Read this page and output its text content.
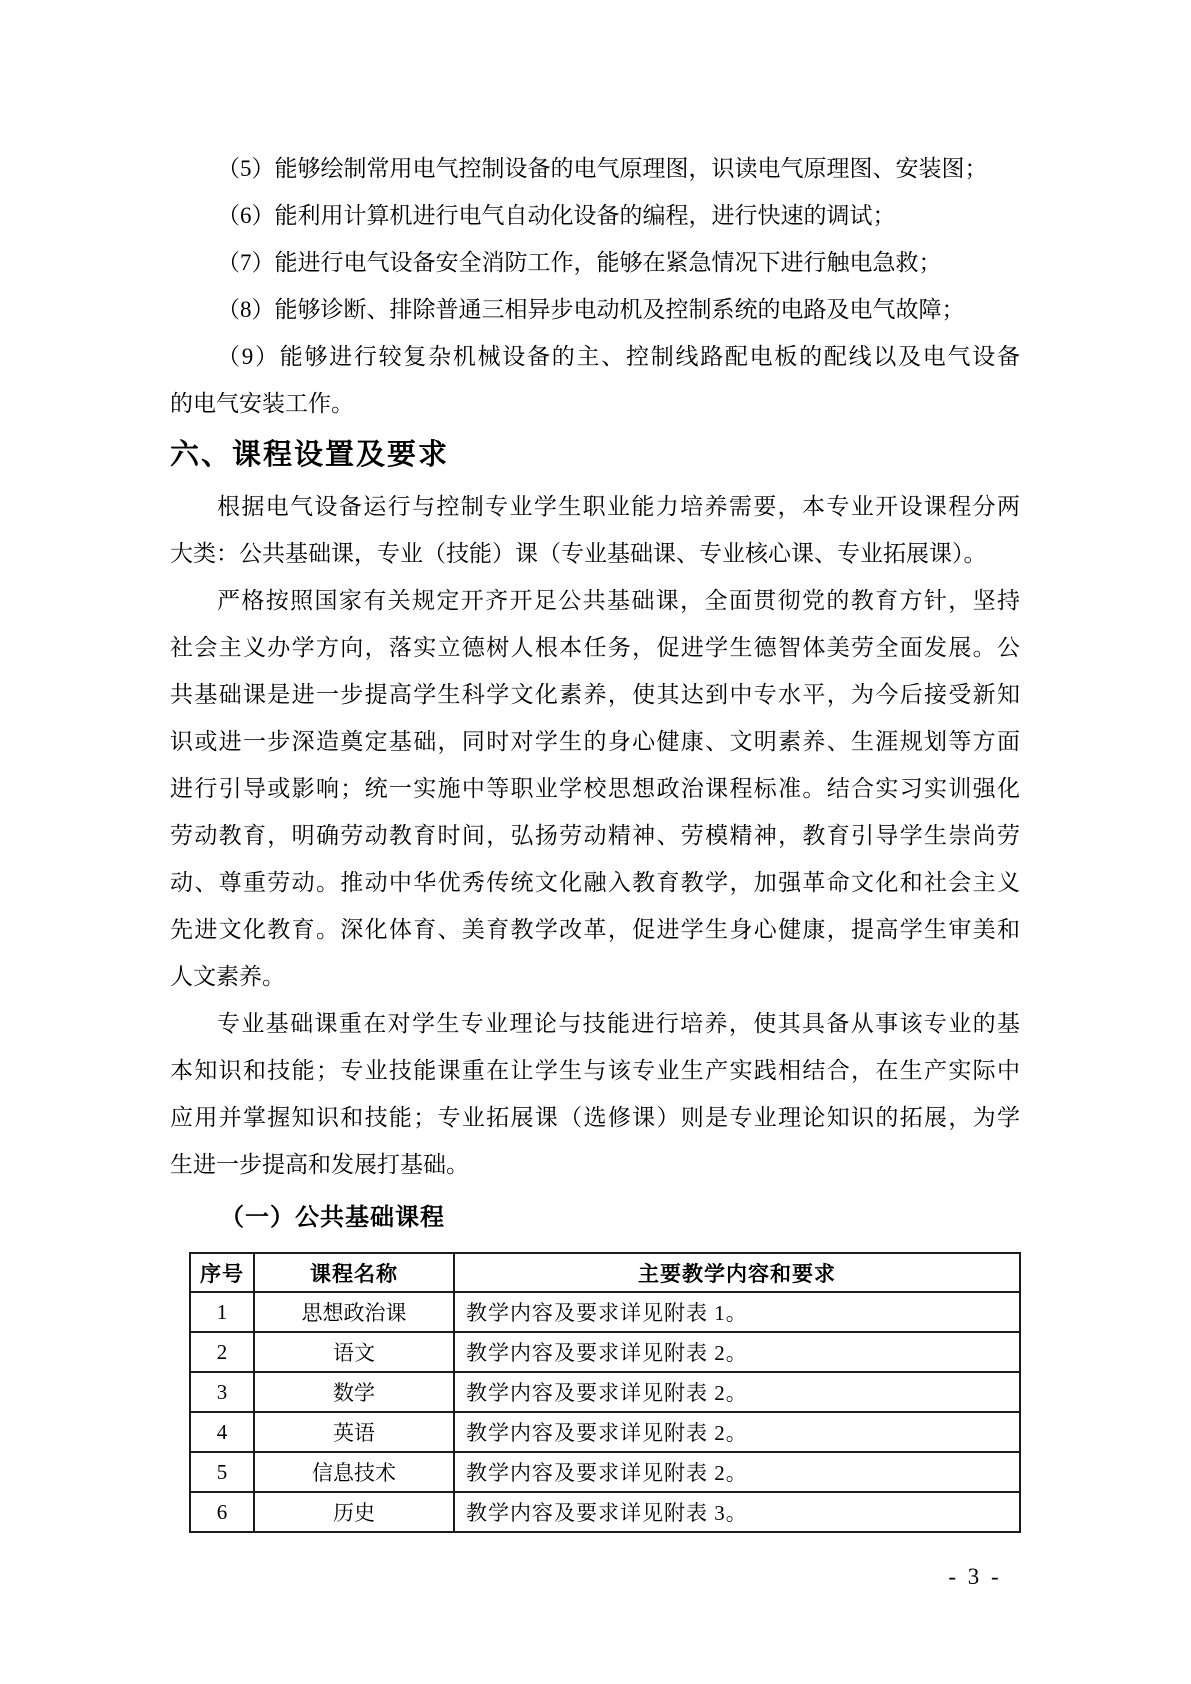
（5）能够绘制常用电气控制设备的电气原理图，识读电气原理图、安装图；
（6）能利用计算机进行电气自动化设备的编程，进行快速的调试；
（7）能进行电气设备安全消防工作，能够在紧急情况下进行触电急救；
（8）能够诊断、排除普通三相异步电动机及控制系统的电路及电气故障；
（9）能够进行较复杂机械设备的主、控制线路配电板的配线以及电气设备
的电气安装工作。
六、课程设置及要求
根据电气设备运行与控制专业学生职业能力培养需要，本专业开设课程分两
大类：公共基础课，专业（技能）课（专业基础课、专业核心课、专业拓展课）。
严格按照国家有关规定开齐开足公共基础课，全面贯彻党的教育方针，坚持
社会主义办学方向，落实立德树人根本任务，促进学生德智体美劳全面发展。公
共基础课是进一步提高学生科学文化素养，使其达到中专水平，为今后接受新知
识或进一步深造奠定基础，同时对学生的身心健康、文明素养、生涯规划等方面
进行引导或影响；统一实施中等职业学校思想政治课程标准。结合实习实训强化
劳动教育，明确劳动教育时间，弘扬劳动精神、劳模精神，教育引导学生崇尚劳
动、尊重劳动。推动中华优秀传统文化融入教育教学，加强革命文化和社会主义
先进文化教育。深化体育、美育教学改革，促进学生身心健康，提高学生审美和
人文素养。
专业基础课重在对学生专业理论与技能进行培养，使其具备从事该专业的基
本知识和技能；专业技能课重在让学生与该专业生产实践相结合，在生产实际中
应用并掌握知识和技能；专业拓展课（选修课）则是专业理论知识的拓展，为学
生进一步提高和发展打基础。
（一）公共基础课程
序号	课程名称	主要教学内容和要求
1	思想政治课	教学内容及要求详见附表 1。
2	语文	教学内容及要求详见附表 2。
3	数学	教学内容及要求详见附表 2。
4	英语	教学内容及要求详见附表 2。
5	信息技术	教学内容及要求详见附表 2。
6	历史	教学内容及要求详见附表 3。
- 3 -
